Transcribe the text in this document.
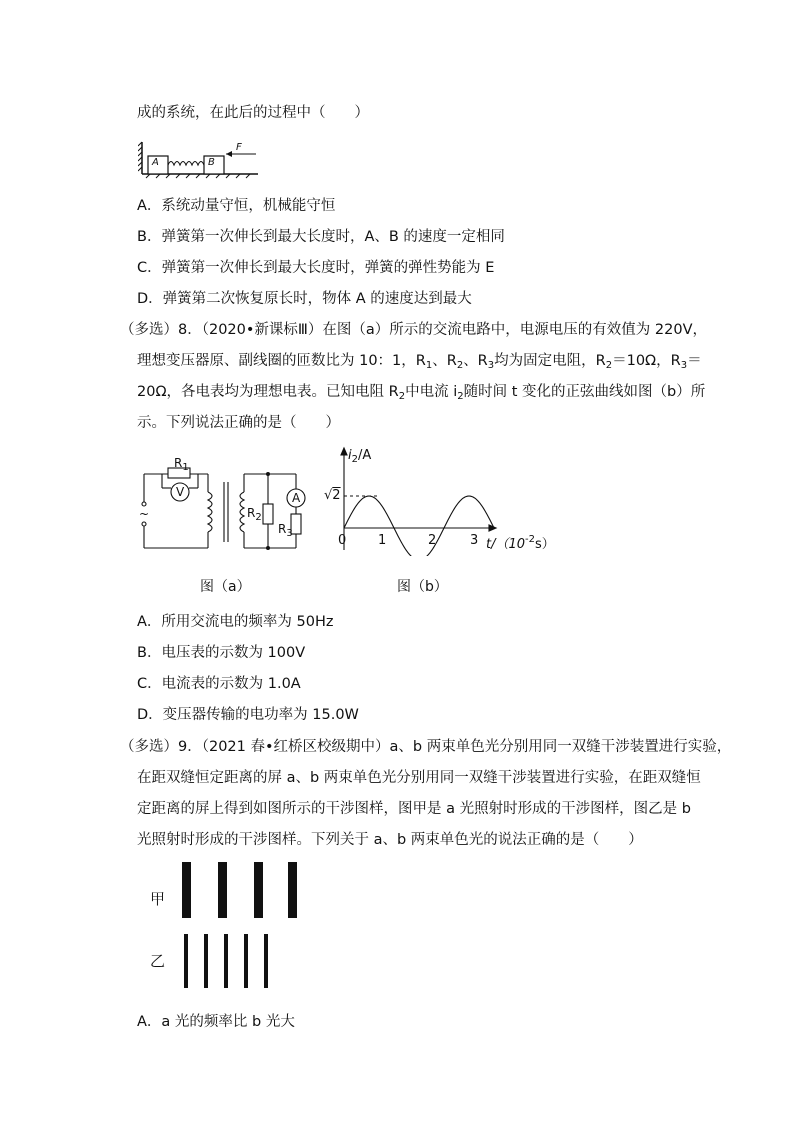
成的系统，在此后的过程中（　　）
A	B
F
A．系统动量守恒，机械能守恒
B．弹簧第一次伸长到最大长度时，A、B 的速度一定相同
C．弹簧第一次伸长到最大长度时，弹簧的弹性势能为 E
D．弹簧第二次恢复原长时，物体 A 的速度达到最大
（多选）8．（2020•新课标Ⅲ）在图（a）所示的交流电路中，电源电压的有效值为 220V，
理想变压器原、副线圈的匝数比为 10：1，$R_1$、$R_2$、$R_3$均为固定电阻，$R_2=10\Omega$，$R_3=$
20Ω，各电表均为理想电表。已知电阻 $R_2$中电流 $i_2$随时间 t 变化的正弦曲线如图（b）所
示。下列说法正确的是（　　）
$R_1$
V	A
$R_2$
$R_3$
~
$i_2/A$
√2
0 1	2	3 $t/(10^{-2}s)$
图（a）	图（b）
A．所用交流电的频率为 50Hz
B．电压表的示数为 100V
C．电流表的示数为 1.0A
D．变压器传输的电功率为 15.0W
（多选）9．（2021 春•红桥区校级期中）a、b 两束单色光分别用同一双缝干涉装置进行实验，
在距双缝恒定距离的屏 a、b 两束单色光分别用同一双缝干涉装置进行实验，在距双缝恒
定距离的屏上得到如图所示的干涉图样，图甲是 a 光照射时形成的干涉图样，图乙是 b
光照射时形成的干涉图样。下列关于 a、b 两束单色光的说法正确的是（　　）
甲
乙
A．a 光的频率比 b 光大
